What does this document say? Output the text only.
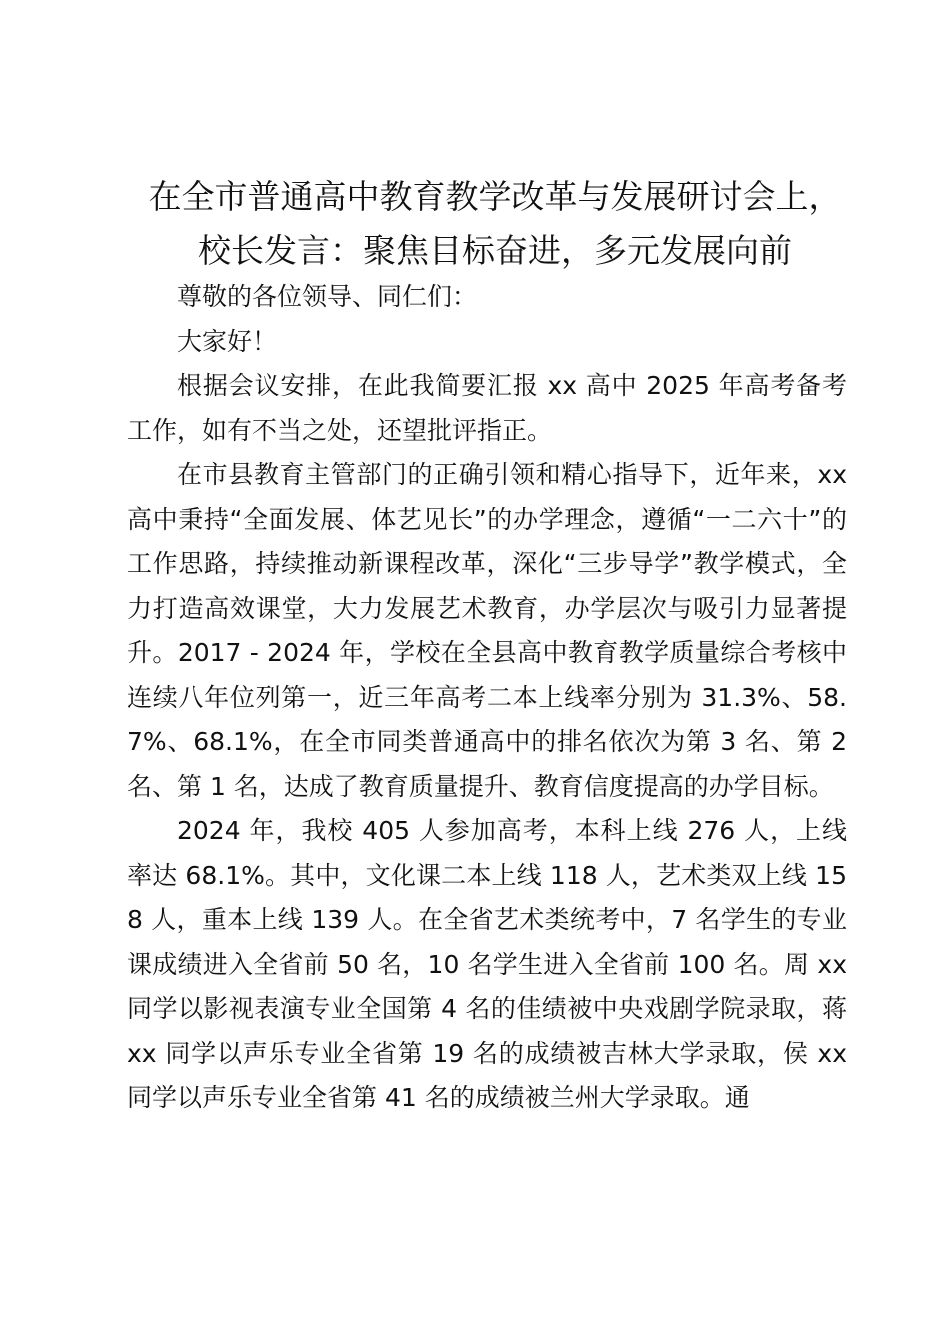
在全市普通高中教育教学改革与发展研讨会上，
校长发言：聚焦目标奋进，多元发展向前

尊敬的各位领导、同仁们：

大家好！

根据会议安排，在此我简要汇报 xx 高中 2025 年高考备考工作，如有不当之处，还望批评指正。

在市县教育主管部门的正确引领和精心指导下，近年来，xx 高中秉持“全面发展、体艺见长”的办学理念，遵循“一二六十”的工作思路，持续推动新课程改革，深化“三步导学”教学模式，全力打造高效课堂，大力发展艺术教育，办学层次与吸引力显著提升。2017 - 2024 年，学校在全县高中教育教学质量综合考核中连续八年位列第一，近三年高考二本上线率分别为 31.3%、58.7%、68.1%，在全市同类普通高中的排名依次为第 3 名、第 2 名、第 1 名，达成了教育质量提升、教育信度提高的办学目标。

2024 年，我校 405 人参加高考，本科上线 276 人，上线率达 68.1%。其中，文化课二本上线 118 人，艺术类双上线 158 人，重本上线 139 人。在全省艺术类统考中，7 名学生的专业课成绩进入全省前 50 名，10 名学生进入全省前 100 名。周 xx 同学以影视表演专业全国第 4 名的佳绩被中央戏剧学院录取，蒋 xx 同学以声乐专业全省第 19 名的成绩被吉林大学录取，侯 xx 同学以声乐专业全省第 41 名的成绩被兰州大学录取。通
